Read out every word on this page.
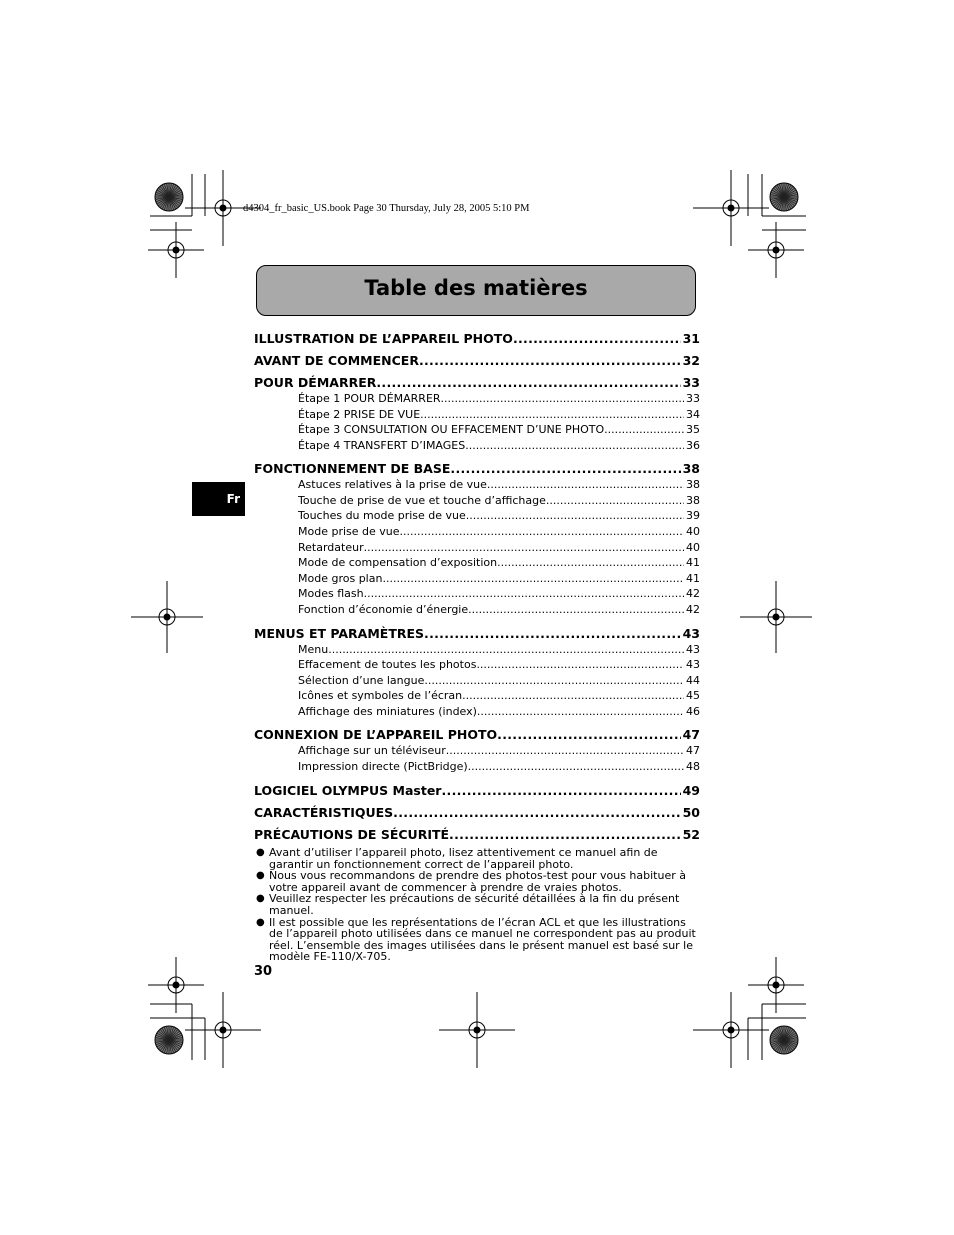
d4304_fr_basic_US.book Page 30 Thursday, July 28, 2005 5:10 PM
Table des matières
Fr
ILLUSTRATION DE L’APPAREIL PHOTO .....	31
AVANT DE COMMENCER .....	32
POUR DÉMARRER .....	33
Étape 1 POUR DÉMARRER .....	33
Étape 2 PRISE DE VUE .....	34
Étape 3 CONSULTATION OU EFFACEMENT D’UNE PHOTO .....	35
Étape 4 TRANSFERT D’IMAGES .....	36
FONCTIONNEMENT DE BASE .....	38
Astuces relatives à la prise de vue .....	38
Touche de prise de vue et touche d’affichage .....	38
Touches du mode prise de vue .....	39
Mode prise de vue .....	40
Retardateur .....	40
Mode de compensation d’exposition .....	41
Mode gros plan .....	41
Modes flash .....	42
Fonction d’économie d’énergie .....	42
MENUS ET PARAMÈTRES .....	43
Menu .....	43
Effacement de toutes les photos .....	43
Sélection d’une langue .....	44
Icônes et symboles de l’écran .....	45
Affichage des miniatures (index) .....	46
CONNEXION DE L’APPAREIL PHOTO .....	47
Affichage sur un téléviseur .....	47
Impression directe (PictBridge) .....	48
LOGICIEL OLYMPUS Master .....	49
CARACTÉRISTIQUES .....	50
PRÉCAUTIONS DE SÉCURITÉ .....	52
● Avant d’utiliser l’appareil photo, lisez attentivement ce manuel afin de garantir un fonctionnement correct de l’appareil photo.
● Nous vous recommandons de prendre des photos-test pour vous habituer à votre appareil avant de commencer à prendre de vraies photos.
● Veuillez respecter les précautions de sécurité détaillées à la fin du présent manuel.
● Il est possible que les représentations de l’écran ACL et que les illustrations de l’appareil photo utilisées dans ce manuel ne correspondent pas au produit réel. L’ensemble des images utilisées dans le présent manuel est basé sur le modèle FE-110/X-705.
30
